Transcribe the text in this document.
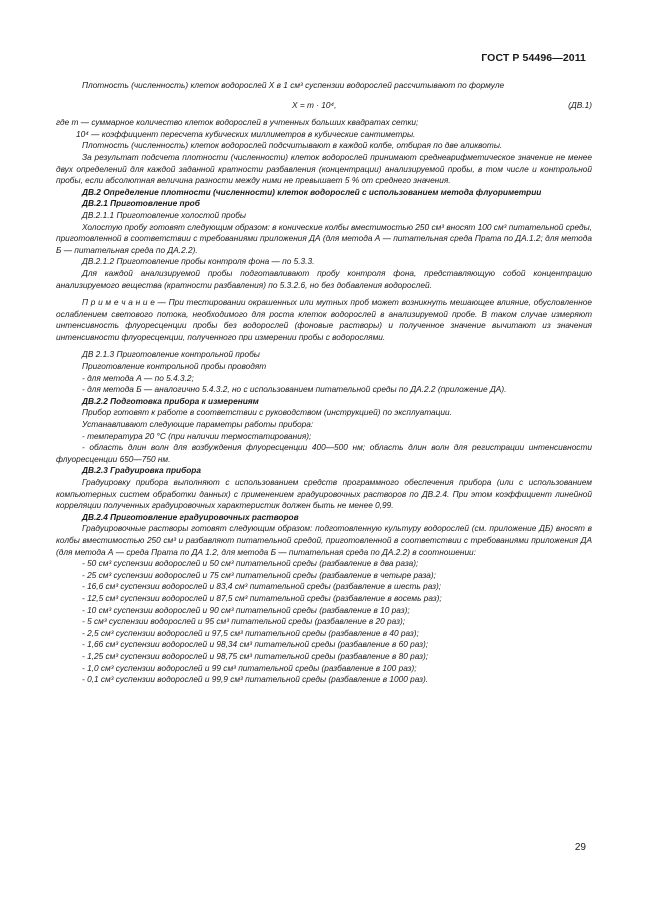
ГОСТ Р 54496—2011

Плотность (численность) клеток водорослей X в 1 см³ суспензии водорослей рассчитывают по формуле

X = m · 10⁴,	(ДВ.1)

где m — суммарное количество клеток водорослей в учтенных больших квадратах сетки;

10⁴ — коэффициент пересчета кубических миллиметров в кубические сантиметры.

Плотность (численность) клеток водорослей подсчитывают в каждой колбе, отбирая по две аликвоты.

За результат подсчета плотности (численности) клеток водорослей принимают среднеарифметическое значение не менее двух определений для каждой заданной кратности разбавления (концентрации) анализируемой пробы, в том числе и контрольной пробы, если абсолютная величина разности между ними не превышает 5 % от среднего значения.

ДВ.2 Определение плотности (численности) клеток водорослей с использованием метода флуориметрии

ДВ.2.1 Приготовление проб

ДВ.2.1.1 Приготовление холостой пробы

Холостую пробу готовят следующим образом: в конические колбы вместимостью 250 см³ вносят 100 см³ питательной среды, приготовленной в соответствии с требованиями приложения ДА (для метода А — питательная среда Прата по ДА.1.2; для метода Б — питательная среда по ДА.2.2).

ДВ.2.1.2 Приготовление пробы контроля фона — по 5.3.3.

Для каждой анализируемой пробы подготавливают пробу контроля фона, представляющую собой концентрацию анализируемого вещества (кратности разбавления) по 5.3.2.6, но без добавления водорослей.

П р и м е ч а н и е — При тестировании окрашенных или мутных проб может возникнуть мешающее влияние, обусловленное ослаблением светового потока, необходимого для роста клеток водорослей в анализируемой пробе. В таком случае измеряют интенсивность флуоресценции пробы без водорослей (фоновые растворы) и полученное значение вычитают из значения интенсивности флуоресценции, полученного при измерении пробы с водорослями.

ДВ 2.1.3 Приготовление контрольной пробы

Приготовление контрольной пробы проводят

- для метода А — по 5.4.3.2;

- для метода Б — аналогично 5.4.3.2, но с использованием питательной среды по ДА.2.2 (приложение ДА).

ДВ.2.2 Подготовка прибора к измерениям

Прибор готовят к работе в соответствии с руководством (инструкцией) по эксплуатации.

Устанавливают следующие параметры работы прибора:

- температура 20 °С (при наличии термостатирования);

- область длин волн для возбуждения флуоресценции 400—500 нм; область длин волн для регистрации интенсивности флуоресценции 650—750 нм.

ДВ.2.3 Градуировка прибора

Градуировку прибора выполняют с использованием средств программного обеспечения прибора (или с использованием компьютерных систем обработки данных) с применением градуировочных растворов по ДВ.2.4. При этом коэффициент линейной корреляции полученных градуировочных характеристик должен быть не менее 0,99.

ДВ.2.4 Приготовление градуировочных растворов

Градуировочные растворы готовят следующим образом: подготовленную культуру водорослей (см. приложение ДБ) вносят в колбы вместимостью 250 см³ и разбавляют питательной средой, приготовленной в соответствии с требованиями приложения ДА (для метода А — среда Прата по ДА 1.2, для метода Б — питательная среда по ДА.2.2) в соотношении:

- 50 см³ суспензии водорослей и 50 см³ питательной среды (разбавление в два раза);

- 25 см³ суспензии водорослей и 75 см³ питательной среды (разбавление в четыре раза);

- 16,6 см³ суспензии водорослей и 83,4 см³ питательной среды (разбавление в шесть раз);

- 12,5 см³ суспензии водорослей и 87,5 см³ питательной среды (разбавление в восемь раз);

- 10 см³ суспензии водорослей и 90 см³ питательной среды (разбавление в 10 раз);

- 5 см³ суспензии водорослей и 95 см³ питательной среды (разбавление в 20 раз);

- 2,5 см³ суспензии водорослей и 97,5 см³ питательной среды (разбавление в 40 раз);

- 1,66 см³ суспензии водорослей и 98,34 см³ питательной среды (разбавление в 60 раз);

- 1,25 см³ суспензии водорослей и 98,75 см³ питательной среды (разбавление в 80 раз);

- 1,0 см³ суспензии водорослей и 99 см³ питательной среды (разбавление в 100 раз);

- 0,1 см³ суспензии водорослей и 99,9 см³ питательной среды (разбавление в 1000 раз).

29
